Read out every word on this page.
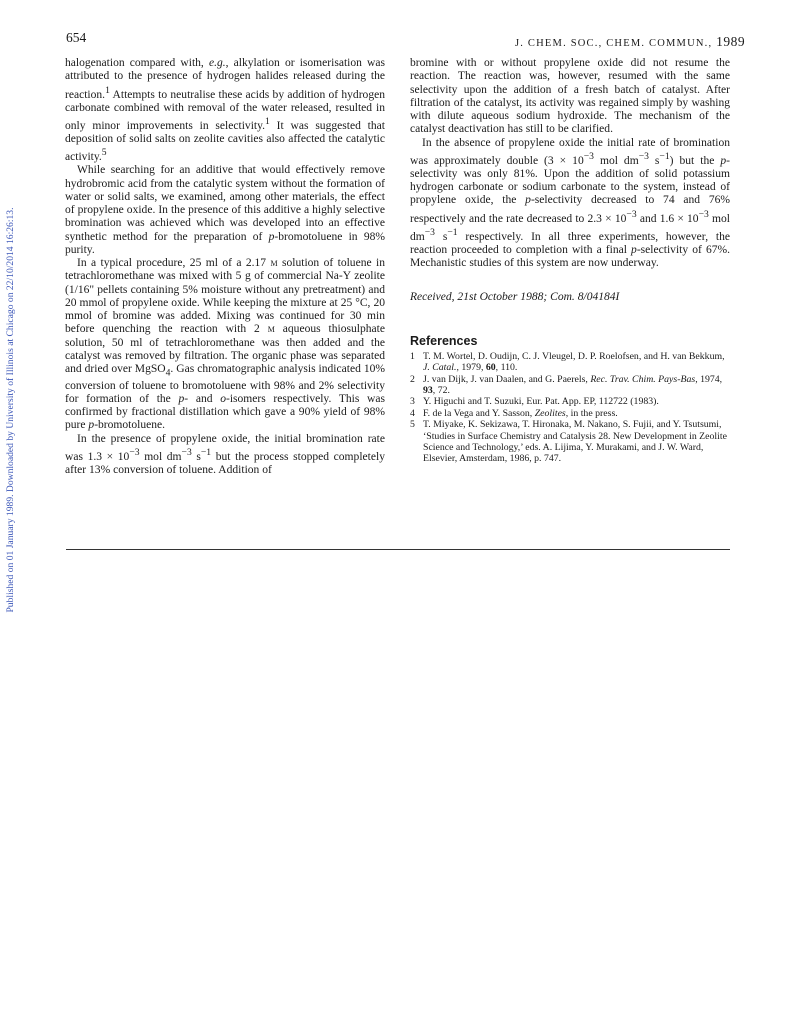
Published on 01 January 1989. Downloaded by University of Illinois at Chicago on 22/10/2014 16:26:13.
654	J. CHEM. SOC., CHEM. COMMUN., 1989

halogenation compared with, e.g., alkylation or isomerisation was attributed to the presence of hydrogen halides released during the reaction.$^1$ Attempts to neutralise these acids by addition of hydrogen carbonate combined with removal of the water released, resulted in only minor improvements in selectivity.$^1$ It was suggested that deposition of solid salts on zeolite cavities also affected the catalytic activity.$^5$

While searching for an additive that would effectively remove hydrobromic acid from the catalytic system without the formation of water or solid salts, we examined, among other materials, the effect of propylene oxide. In the presence of this additive a highly selective bromination was achieved which was developed into an effective synthetic method for the preparation of p-bromotoluene in 98% purity.

In a typical procedure, 25 ml of a 2.17 m solution of toluene in tetrachloromethane was mixed with 5 g of commercial Na-Y zeolite (1/16" pellets containing 5% moisture without any pretreatment) and 20 mmol of propylene oxide. While keeping the mixture at 25 °C, 20 mmol of bromine was added. Mixing was continued for 30 min before quenching the reaction with 2 m aqueous thiosulphate solution, 50 ml of tetrachloromethane was then added and the catalyst was removed by filtration. The organic phase was separated and dried over MgSO$_4$. Gas chromatographic analysis indicated 10% conversion of toluene to bromotoluene with 98% and 2% selectivity for formation of the p- and o-isomers respectively. This was confirmed by fractional distillation which gave a 90% yield of 98% pure p-bromotoluene.

In the presence of propylene oxide, the initial bromination rate was $1.3 \times 10^{-3}$ mol $dm^{-3}$ $s^{-1}$ but the process stopped completely after 13% conversion of toluene. Addition of

bromine with or without propylene oxide did not resume the reaction. The reaction was, however, resumed with the same selectivity upon the addition of a fresh batch of catalyst. After filtration of the catalyst, its activity was regained simply by washing with dilute aqueous sodium hydroxide. The mechanism of the catalyst deactivation has still to be clarified.

In the absence of propylene oxide the initial rate of bromination was approximately double ($3 \times 10^{-3}$ mol $dm^{-3}$ $s^{-1}$) but the p-selectivity was only 81%. Upon the addition of solid potassium hydrogen carbonate or sodium carbonate to the system, instead of propylene oxide, the p-selectivity decreased to 74 and 76% respectively and the rate decreased to $2.3 \times 10^{-3}$ and $1.6 \times 10^{-3}$ mol $dm^{-3}$ $s^{-1}$ respectively. In all three experiments, however, the reaction proceeded to completion with a final p-selectivity of 67%. Mechanistic studies of this system are now underway.

Received, 21st October 1988; Com. 8/04184I
References
1 T. M. Wortel, D. Oudijn, C. J. Vleugel, D. P. Roelofsen, and H. van Bekkum, J. Catal., 1979, 60, 110.
2 J. van Dijk, J. van Daalen, and G. Paerels, Rec. Trav. Chim. Pays-Bas, 1974, 93, 72.
3 Y. Higuchi and T. Suzuki, Eur. Pat. App. EP, 112722 (1983).
4 F. de la Vega and Y. Sasson, Zeolites, in the press.
5 T. Miyake, K. Sekizawa, T. Hironaka, M. Nakano, S. Fujii, and Y. Tsutsumi, ‘Studies in Surface Chemistry and Catalysis 28. New Development in Zeolite Science and Technology,’ eds. A. Lijima, Y. Murakami, and J. W. Ward, Elsevier, Amsterdam, 1986, p. 747.
